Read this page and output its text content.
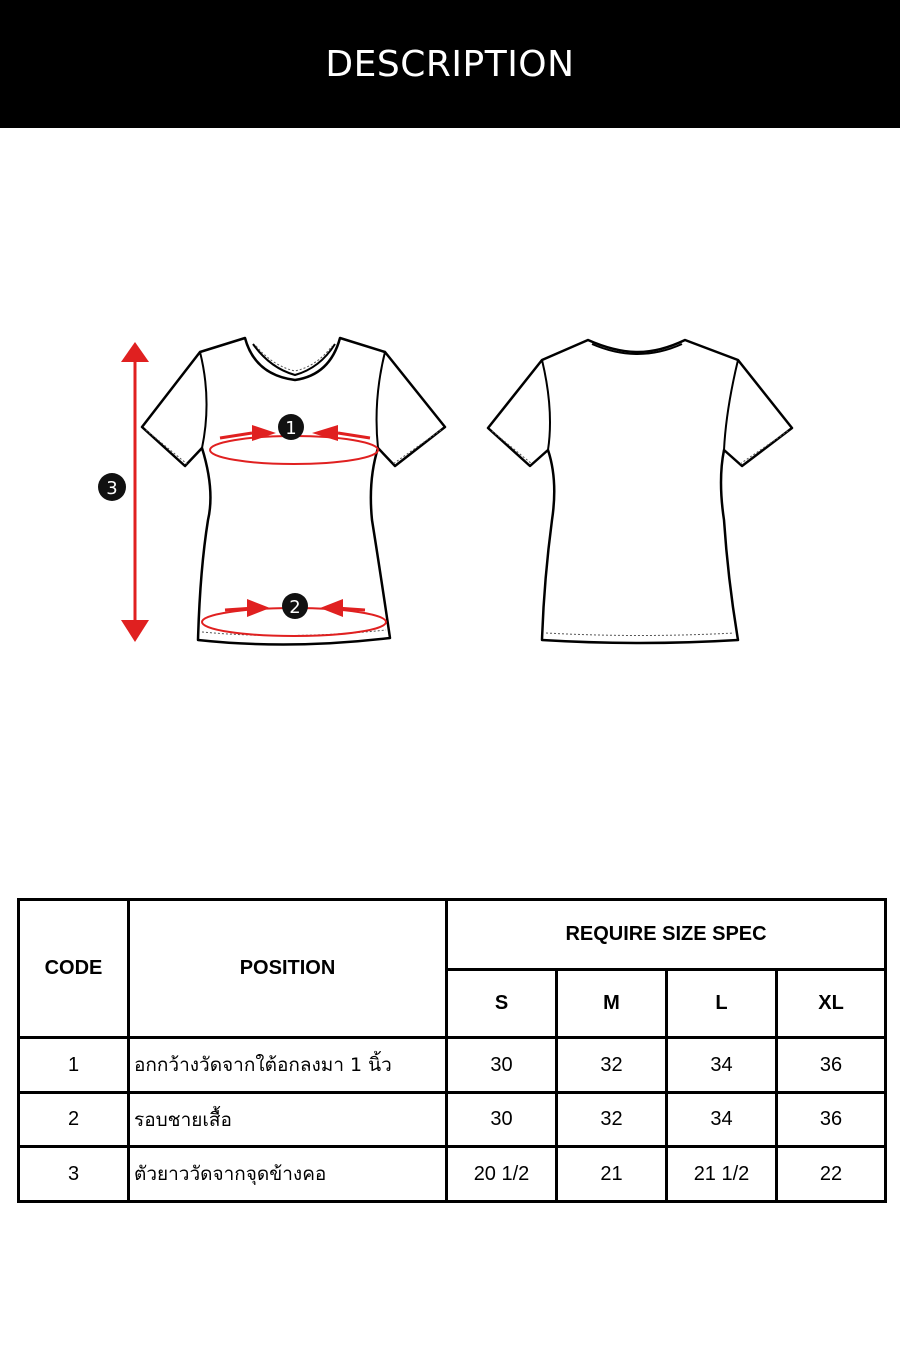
DESCRIPTION
1
2
3
CODE	POSITION	REQUIRE SIZE SPEC			
		S	M	L	XL
1	อกกว้างวัดจากใต้อกลงมา 1 นิ้ว	30	32	34	36
2	รอบชายเสื้อ	30	32	34	36
3	ตัวยาววัดจากจุดข้างคอ	20 1/2	21	21 1/2	22
